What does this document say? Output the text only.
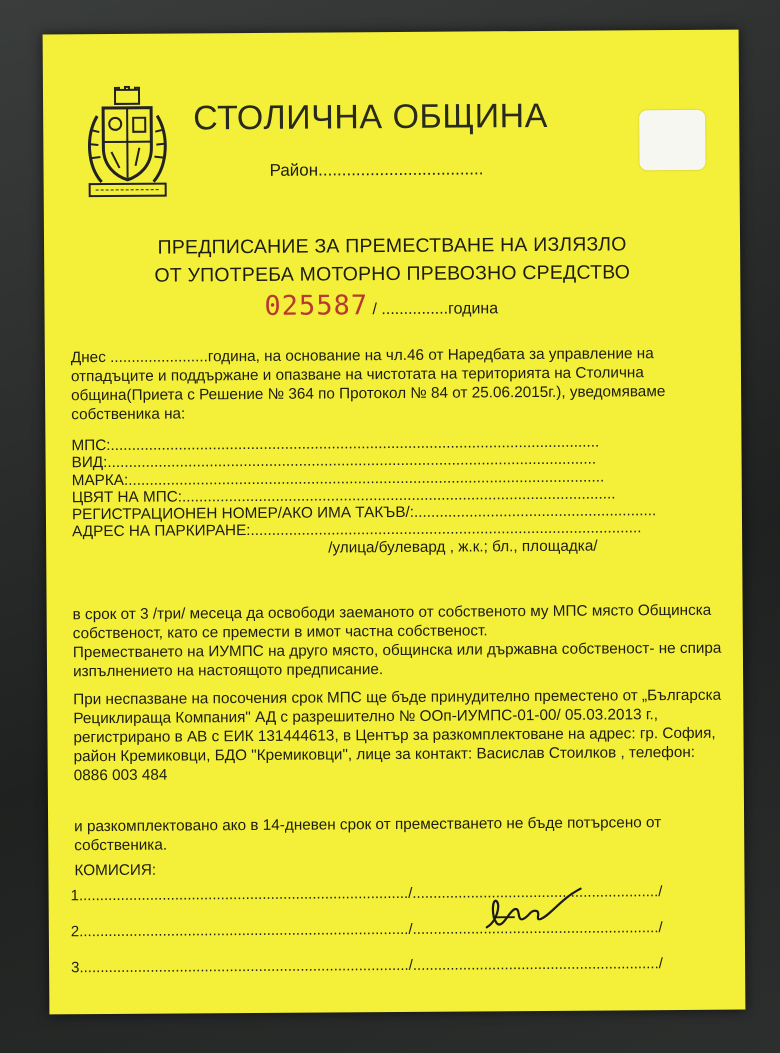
СТОЛИЧНА ОБЩИНА
Район...................................
ПРЕДПИСАНИЕ ЗА ПРЕМЕСТВАНЕ НА ИЗЛЯЗЛО
ОТ УПОТРЕБА МОТОРНО ПРЕВОЗНО СРЕДСТВО
025587 / ...............година
Днес .......................година, на основание на чл.46 от Наредбата за управление на отпадъците и поддържане и опазване на чистотата на територията на Столична община(Приета с Решение № 364 по Протокол № 84 от 25.06.2015г.), уведомяваме собственика на:
МПС:...................................................................................................................
ВИД:...................................................................................................................
МАРКА:................................................................................................................
ЦВЯТ НА МПС:......................................................................................................
РЕГИСТРАЦИОНЕН НОМЕР/АКО ИМА ТАКЪВ/:.........................................................
АДРЕС НА ПАРКИРАНЕ:............................................................................................
/улица/булевард , ж.к.; бл., площадка/
в срок от 3 /три/ месеца да освободи заеманото от собственото му МПС място Общинска собственост, като се премести в имот частна собственост.
Преместването на ИУМПС на друго място, общинска или държавна собственост- не спира изпълнението на настоящото предписание.
При неспазване на посочения срок МПС ще бъде принудително преместено от „Българска Рециклираща Компания" АД с разрешително № ООп-ИУМПС-01-00/ 05.03.2013 г., регистрирано в АВ с ЕИК 131444613, в Център за разкомплектоване на адрес: гр. София, район Кремиковци, БДО "Кремиковци", лице за контакт: Васислав Стоилков , телефон: 0886 003 484
и разкомплектовано ако в 14-дневен срок от преместването не бъде потърсено от собственика.
КОМИСИЯ:
1.............................................................................../.........................................................../
2.............................................................................../.........................................................../
3.............................................................................../.........................................................../
